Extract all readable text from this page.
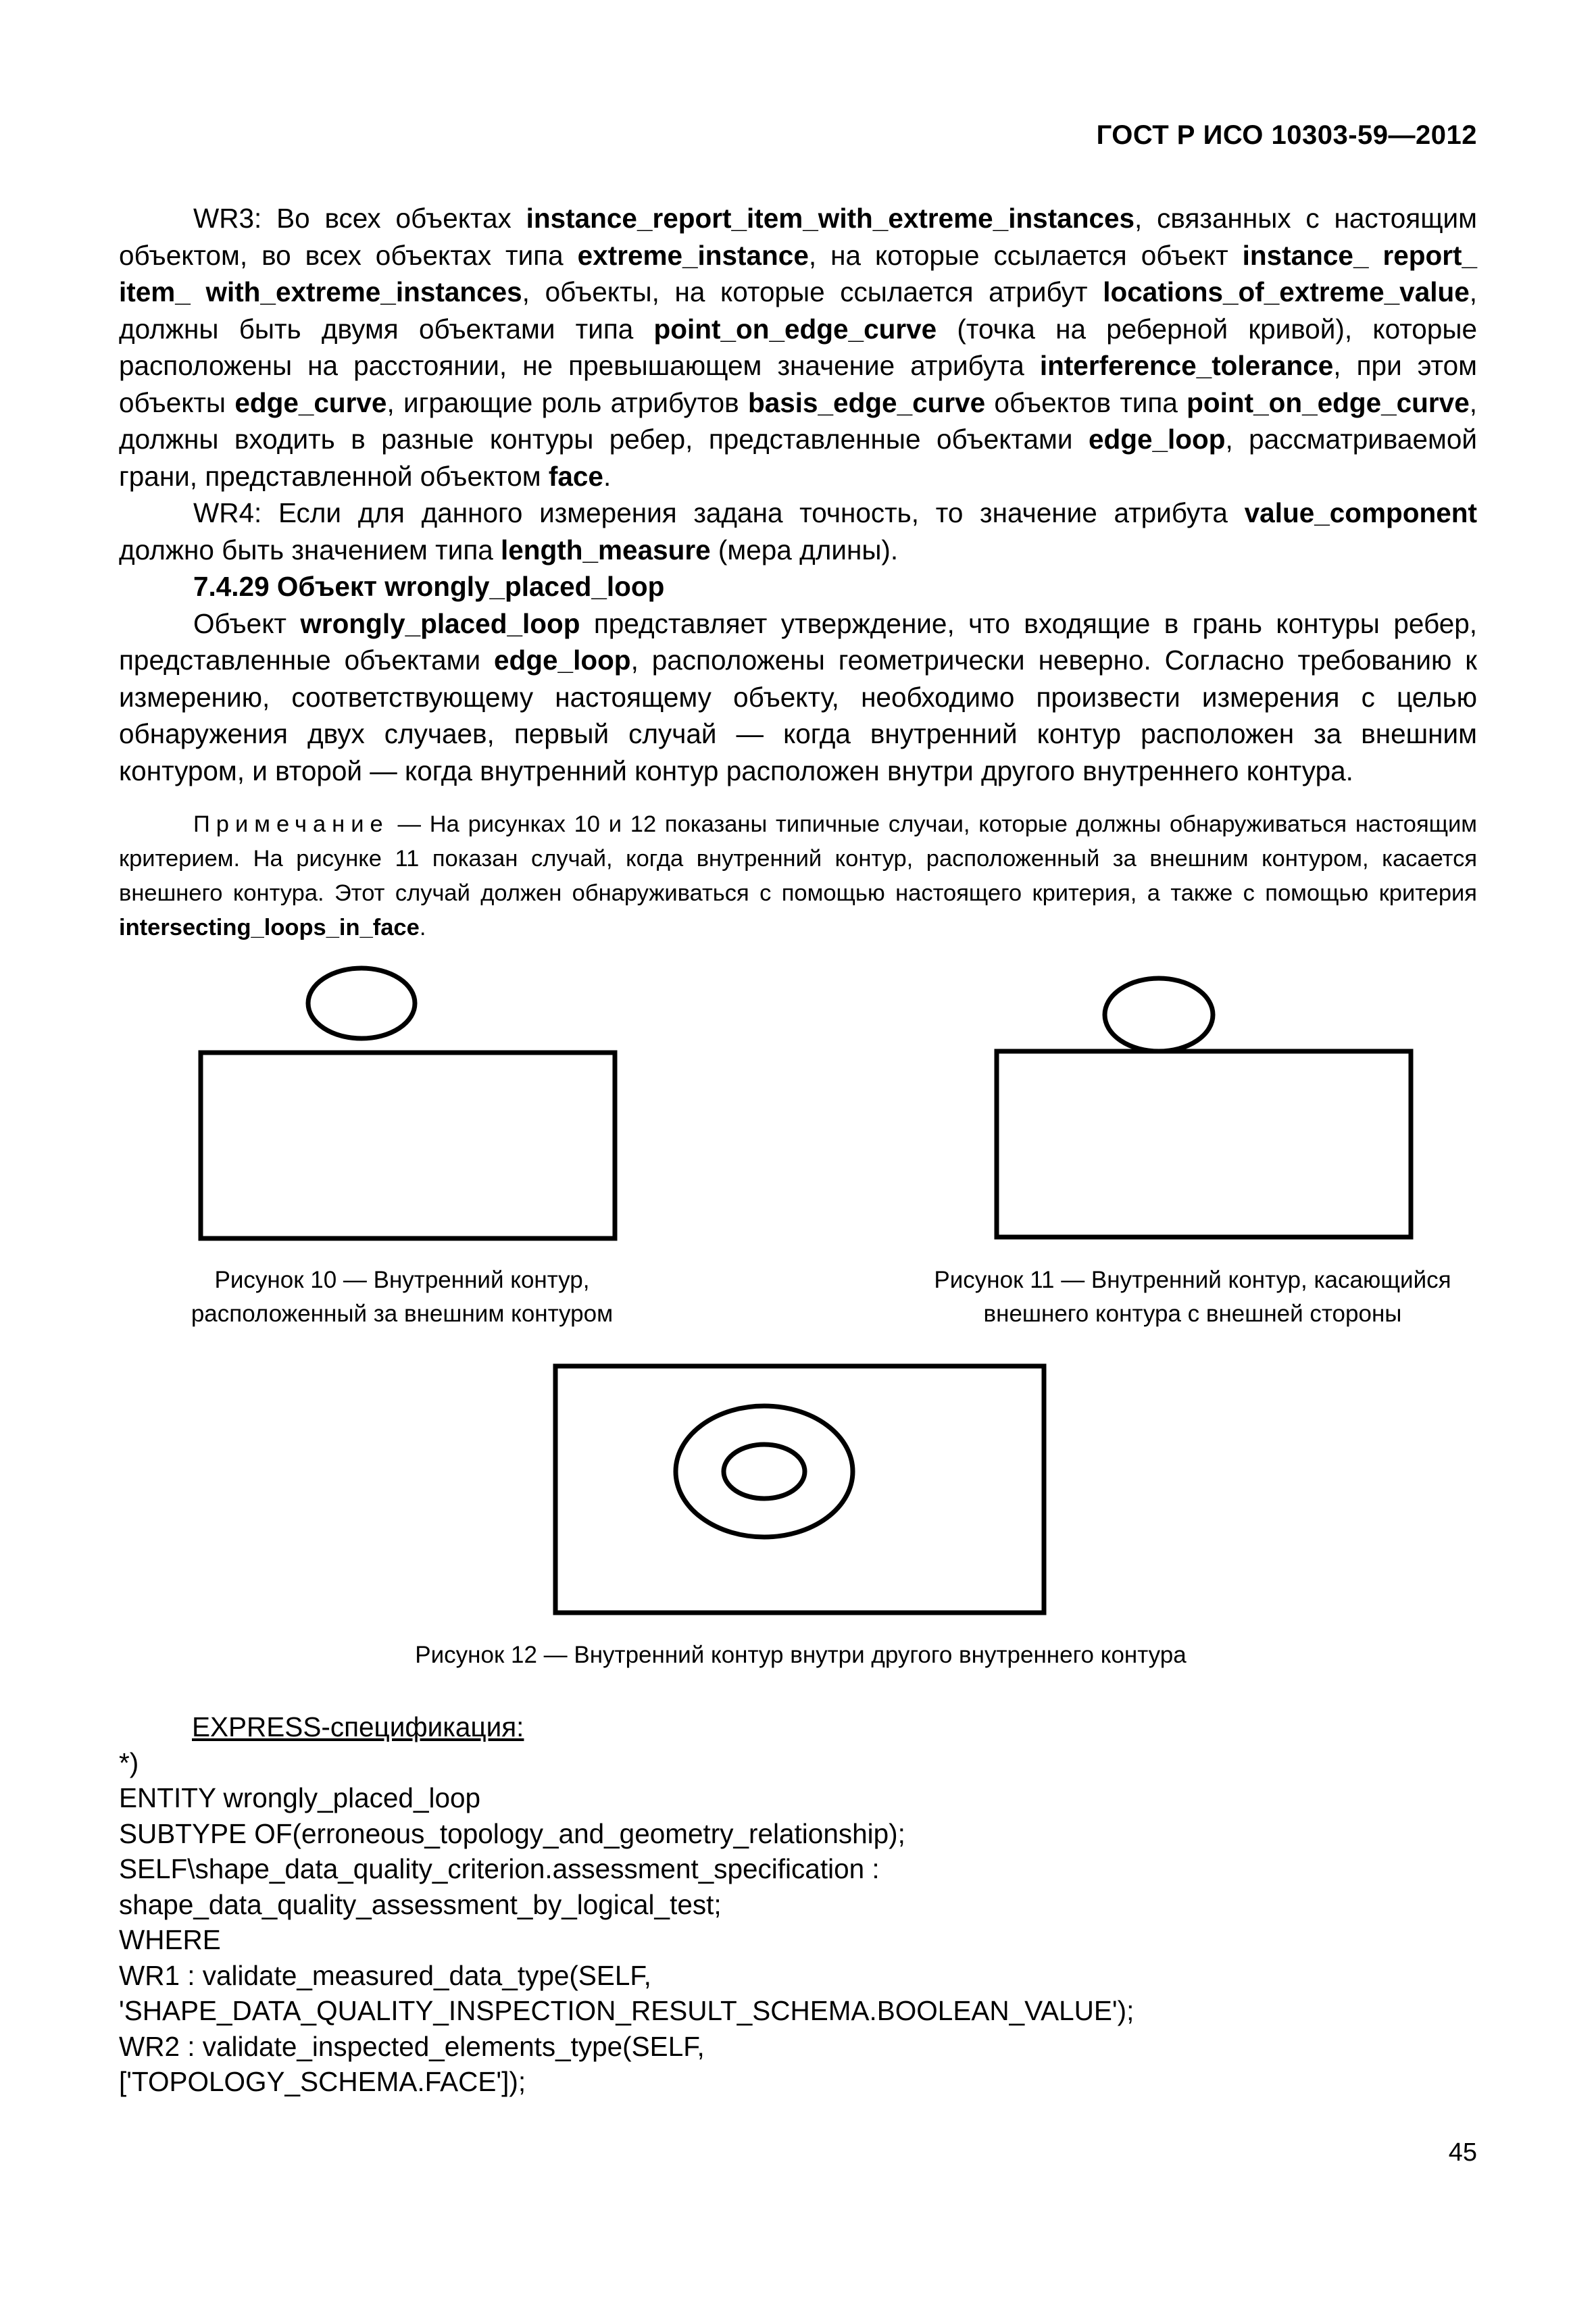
ГОСТ Р ИСО 10303-59—2012

WR3: Во всех объектах instance_report_item_with_extreme_instances, связанных с настоящим объектом, во всех объектах типа extreme_instance, на которые ссылается объект instance_ report_ item_ with_extreme_instances, объекты, на которые ссылается атрибут locations_of_extreme_value, должны быть двумя объектами типа point_on_edge_curve (точка на реберной кривой), которые расположены на расстоянии, не превышающем значение атрибута interference_tolerance, при этом объекты edge_curve, играющие роль атрибутов basis_edge_curve объектов типа point_on_edge_curve, должны входить в разные контуры ребер, представленные объектами edge_loop, рассматриваемой грани, представленной объектом face.

WR4: Если для данного измерения задана точность, то значение атрибута value_component должно быть значением типа length_measure (мера длины).

7.4.29 Объект wrongly_placed_loop

Объект wrongly_placed_loop представляет утверждение, что входящие в грань контуры ребер, представленные объектами edge_loop, расположены геометрически неверно. Согласно требованию к измерению, соответствующему настоящему объекту, необходимо произвести измерения с целью обнаружения двух случаев, первый случай — когда внутренний контур расположен за внешним контуром, и второй — когда внутренний контур расположен внутри другого внутреннего контура.

Примечание — На рисунках 10 и 12 показаны типичные случаи, которые должны обнаруживаться настоящим критерием. На рисунке 11 показан случай, когда внутренний контур, расположенный за внешним контуром, касается внешнего контура. Этот случай должен обнаруживаться с помощью настоящего критерия, а также с помощью критерия intersecting_loops_in_face.
Рисунок 10 — Внутренний контур,
расположенный за внешним контуром
Рисунок 11 — Внутренний контур, касающийся
внешнего контура с внешней стороны
Рисунок 12 — Внутренний контур внутри другого внутреннего контура
EXPRESS-спецификация:
*)
ENTITY wrongly_placed_loop
SUBTYPE OF(erroneous_topology_and_geometry_relationship);
SELF\shape_data_quality_criterion.assessment_specification :
shape_data_quality_assessment_by_logical_test;
WHERE
WR1 : validate_measured_data_type(SELF,
'SHAPE_DATA_QUALITY_INSPECTION_RESULT_SCHEMA.BOOLEAN_VALUE');
WR2 : validate_inspected_elements_type(SELF,
['TOPOLOGY_SCHEMA.FACE']);
45
